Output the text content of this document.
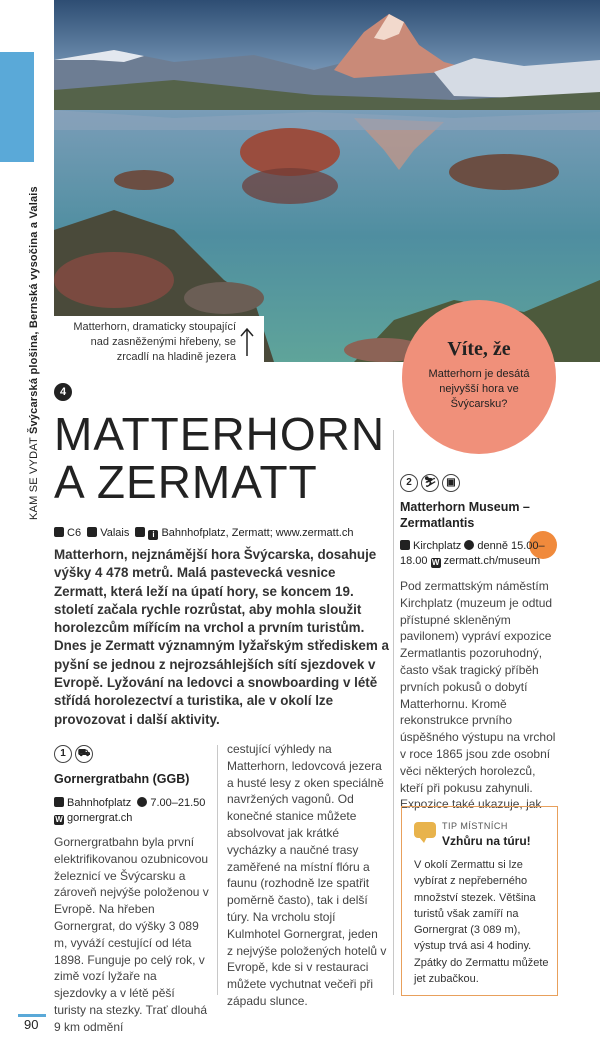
KAM SE VYDAT Švýcarská plošina, Bernská vysočina a Valais	Matterhorn, dramaticky stoupající nad zasněženými hřebeny, se zrcadlí na hladině jezera	Víte, že

Matterhorn je desátá nejvyšší hora ve Švýcarsku?

4
MATTERHORN
A ZERMATT
C6 Valais	i Bahnhofplatz, Zermatt; www.zermatt.ch

Matterhorn, nejznámější hora Švýcarska, dosahuje výšky 4 478 metrů. Malá pastevecká vesnice Zermatt, která leží na úpatí hory, se koncem 19. století začala rychle rozrůstat, aby mohla sloužit horolezcům mířícím na vrchol a prvním turistům. Dnes je Zermatt významným lyžařským střediskem a pyšní se jednou z nejrozsáhlejších sítí sjezdovek v Evropě. Lyžování na ledovci a snowboarding v létě střídá horolezectví a turistika, ale v okolí lze provozovat i další aktivity.

1 ⛟
Gornergratbahn (GGB)
Bahnhofplatz 7.00–21.50
W gornergrat.ch

Gornergratbahn byla první elektrifikovanou ozubnicovou železnicí ve Švýcarsku a zároveň nejvýše položenou v Evropě. Na hřeben Gornergrat, do výšky 3 089 m, vyváží cestující od léta 1898. Funguje po celý rok, v zimě vozí lyžaře na sjezdovky a v létě pěší turisty na stezky. Trať dlouhá 9 km odmění

cestující výhledy na Matterhorn, ledovcová jezera a husté lesy z oken speciálně navržených vagonů. Od konečné stanice můžete absolvovat jak krátké vycházky a naučné trasy zaměřené na místní flóru a faunu (rozhodně lze spatřit poměrně často), tak i delší túry. Na vrcholu stojí Kulmhotel Gornergrat, jeden z nejvýše položených hotelů v Evropě, kde si v restauraci můžete vychutnat večeři při západu slunce.

2 ⛷ ▣
Matterhorn Museum – Zermatlantis
Kirchplatz denně 15.00–18.00 W zermatt.ch/museum

Pod zermattským náměstím Kirchplatz (muzeum je odtud přístupné skleněným pavilonem) vypráví expozice Zermatlantis pozoruhodný, často však tragický příběh prvních pokusů o dobytí Matterhornu. Kromě rekonstrukce prvního úspěšného výstupu na vrchol v roce 1865 jsou zde osobní věci některých horolezců, kteří při pokusu zahynuli. Expozice také ukazuje, jak

TIP MÍSTNÍCH
Vzhůru na túru!

V okolí Zermattu si lze vybírat z nepřeberného množství stezek. Většina turistů však zamíří na Gornergrat (3 089 m), výstup trvá asi 4 hodiny. Zpátky do Zermattu můžete jet zubačkou.

90
